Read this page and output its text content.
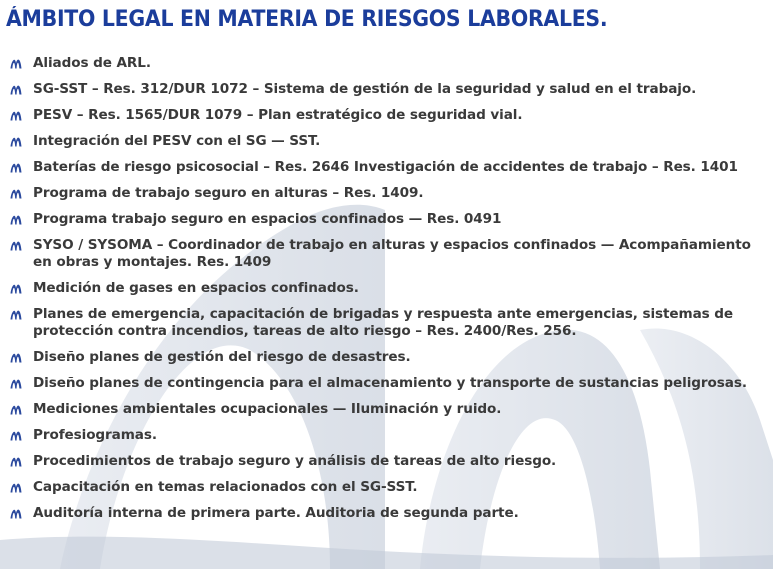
ÁMBITO LEGAL EN MATERIA DE RIESGOS LABORALES.
Aliados de ARL.
SG-SST – Res. 312/DUR 1072 – Sistema de gestión de la seguridad y salud en el trabajo.
PESV – Res. 1565/DUR 1079 – Plan estratégico de seguridad vial.
Integración del PESV con el SG — SST.
Baterías de riesgo psicosocial – Res. 2646 Investigación de accidentes de trabajo – Res. 1401
Programa de trabajo seguro en alturas – Res. 1409.
Programa trabajo seguro en espacios confinados — Res. 0491
SYSO / SYSOMA – Coordinador de trabajo en alturas y espacios confinados — Acompañamiento en obras y montajes. Res. 1409
Medición de gases en espacios confinados.
Planes de emergencia, capacitación de brigadas y respuesta ante emergencias, sistemas de protección contra incendios, tareas de alto riesgo – Res. 2400/Res. 256.
Diseño planes de gestión del riesgo de desastres.
Diseño planes de contingencia para el almacenamiento y transporte de sustancias peligrosas.
Mediciones ambientales ocupacionales — Iluminación y ruido.
Profesiogramas.
Procedimientos de trabajo seguro y análisis de tareas de alto riesgo.
Capacitación en temas relacionados con el SG-SST.
Auditoría interna de primera parte. Auditoria de segunda parte.
